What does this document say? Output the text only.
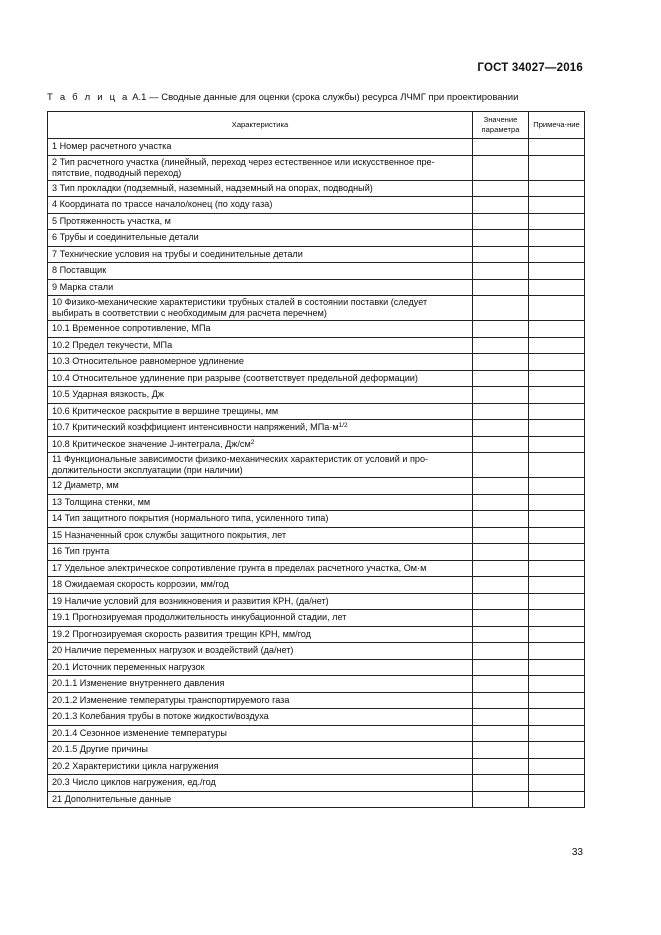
ГОСТ 34027—2016
Т а б л и ц а А.1 — Сводные данные для оценки (срока службы) ресурса ЛЧМГ при проектировании
Характеристика	Значение параметра	Примеча-ние
1 Номер расчетного участка		
2 Тип расчетного участка (линейный, переход через естественное или искусственное пре-пятствие, подводный переход)		
3 Тип прокладки (подземный, наземный, надземный на опорах, подводный)		
4 Координата по трассе начало/конец (по ходу газа)		
5 Протяженность участка, м		
6 Трубы и соединительные детали		
7 Технические условия на трубы и соединительные детали		
8 Поставщик		
9 Марка стали		
10 Физико-механические характеристики трубных сталей в состоянии поставки (следует выбирать в соответствии с необходимым для расчета перечнем)		
10.1 Временное сопротивление, МПа		
10.2 Предел текучести, МПа		
10.3 Относительное равномерное удлинение		
10.4 Относительное удлинение при разрыве (соответствует предельной деформации)		
10.5 Ударная вязкость, Дж		
10.6 Критическое раскрытие в вершине трещины, мм		
10.7 Критический коэффициент интенсивности напряжений, $МПа\cdot м^{1/2}$		
10.8 Критическое значение J-интеграла, $Дж/см^2$		
11 Функциональные зависимости физико-механических характеристик от условий и про-должительности эксплуатации (при наличии)		
12 Диаметр, мм		
13 Толщина стенки, мм		
14 Тип защитного покрытия (нормального типа, усиленного типа)		
15 Назначенный срок службы защитного покрытия, лет		
16 Тип грунта		
17 Удельное электрическое сопротивление грунта в пределах расчетного участка, Ом·м		
18 Ожидаемая скорость коррозии, мм/год		
19 Наличие условий для возникновения и развития КРН, (да/нет)		
19.1 Прогнозируемая продолжительность инкубационной стадии, лет		
19.2 Прогнозируемая скорость развития трещин КРН, мм/год		
20 Наличие переменных нагрузок и воздействий (да/нет)		
20.1 Источник переменных нагрузок		
20.1.1 Изменение внутреннего давления		
20.1.2 Изменение температуры транспортируемого газа		
20.1.3 Колебания трубы в потоке жидкости/воздуха		
20.1.4 Сезонное изменение температуры		
20.1.5 Другие причины		
20.2 Характеристики цикла нагружения		
20.3 Число циклов нагружения, ед./год		
21 Дополнительные данные		
33
